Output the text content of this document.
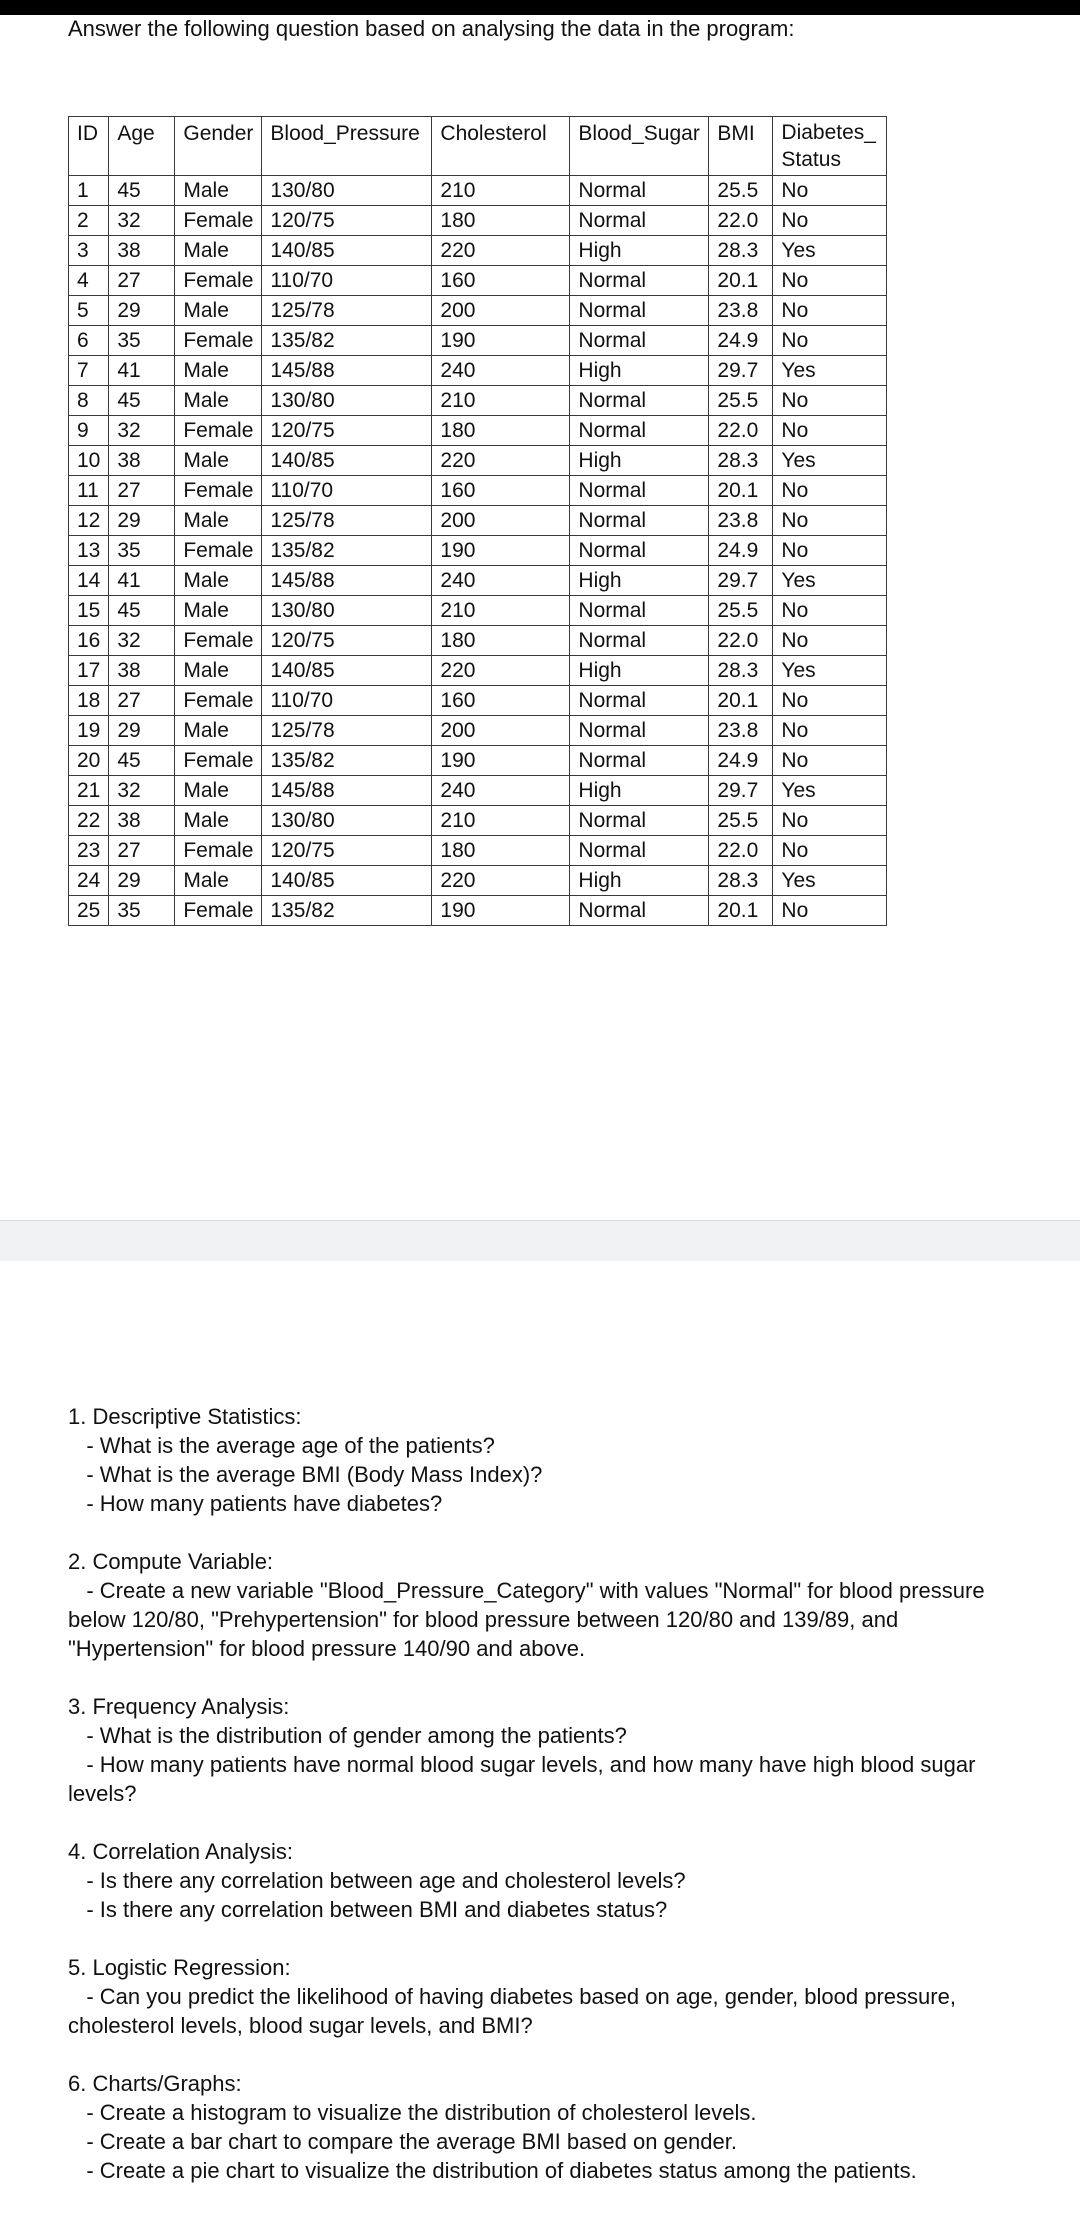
Answer the following question based on analysing the data in the program:
ID	Age	Gender	Blood_Pressure	Cholesterol	Blood_Sugar	BMI	Diabetes_ Status
1	45	Male	130/80	210	Normal	25.5	No
2	32	Female	120/75	180	Normal	22.0	No
3	38	Male	140/85	220	High	28.3	Yes
4	27	Female	110/70	160	Normal	20.1	No
5	29	Male	125/78	200	Normal	23.8	No
6	35	Female	135/82	190	Normal	24.9	No
7	41	Male	145/88	240	High	29.7	Yes
8	45	Male	130/80	210	Normal	25.5	No
9	32	Female	120/75	180	Normal	22.0	No
10	38	Male	140/85	220	High	28.3	Yes
11	27	Female	110/70	160	Normal	20.1	No
12	29	Male	125/78	200	Normal	23.8	No
13	35	Female	135/82	190	Normal	24.9	No
14	41	Male	145/88	240	High	29.7	Yes
15	45	Male	130/80	210	Normal	25.5	No
16	32	Female	120/75	180	Normal	22.0	No
17	38	Male	140/85	220	High	28.3	Yes
18	27	Female	110/70	160	Normal	20.1	No
19	29	Male	125/78	200	Normal	23.8	No
20	45	Female	135/82	190	Normal	24.9	No
21	32	Male	145/88	240	High	29.7	Yes
22	38	Male	130/80	210	Normal	25.5	No
23	27	Female	120/75	180	Normal	22.0	No
24	29	Male	140/85	220	High	28.3	Yes
25	35	Female	135/82	190	Normal	20.1	No
1. Descriptive Statistics:
- What is the average age of the patients?
- What is the average BMI (Body Mass Index)?
- How many patients have diabetes?
2. Compute Variable:
- Create a new variable "Blood_Pressure_Category" with values "Normal" for blood pressure below 120/80, "Prehypertension" for blood pressure between 120/80 and 139/89, and "Hypertension" for blood pressure 140/90 and above.
3. Frequency Analysis:
- What is the distribution of gender among the patients?
- How many patients have normal blood sugar levels, and how many have high blood sugar levels?
4. Correlation Analysis:
- Is there any correlation between age and cholesterol levels?
- Is there any correlation between BMI and diabetes status?
5. Logistic Regression:
- Can you predict the likelihood of having diabetes based on age, gender, blood pressure, cholesterol levels, blood sugar levels, and BMI?
6. Charts/Graphs:
- Create a histogram to visualize the distribution of cholesterol levels.
- Create a bar chart to compare the average BMI based on gender.
- Create a pie chart to visualize the distribution of diabetes status among the patients.
